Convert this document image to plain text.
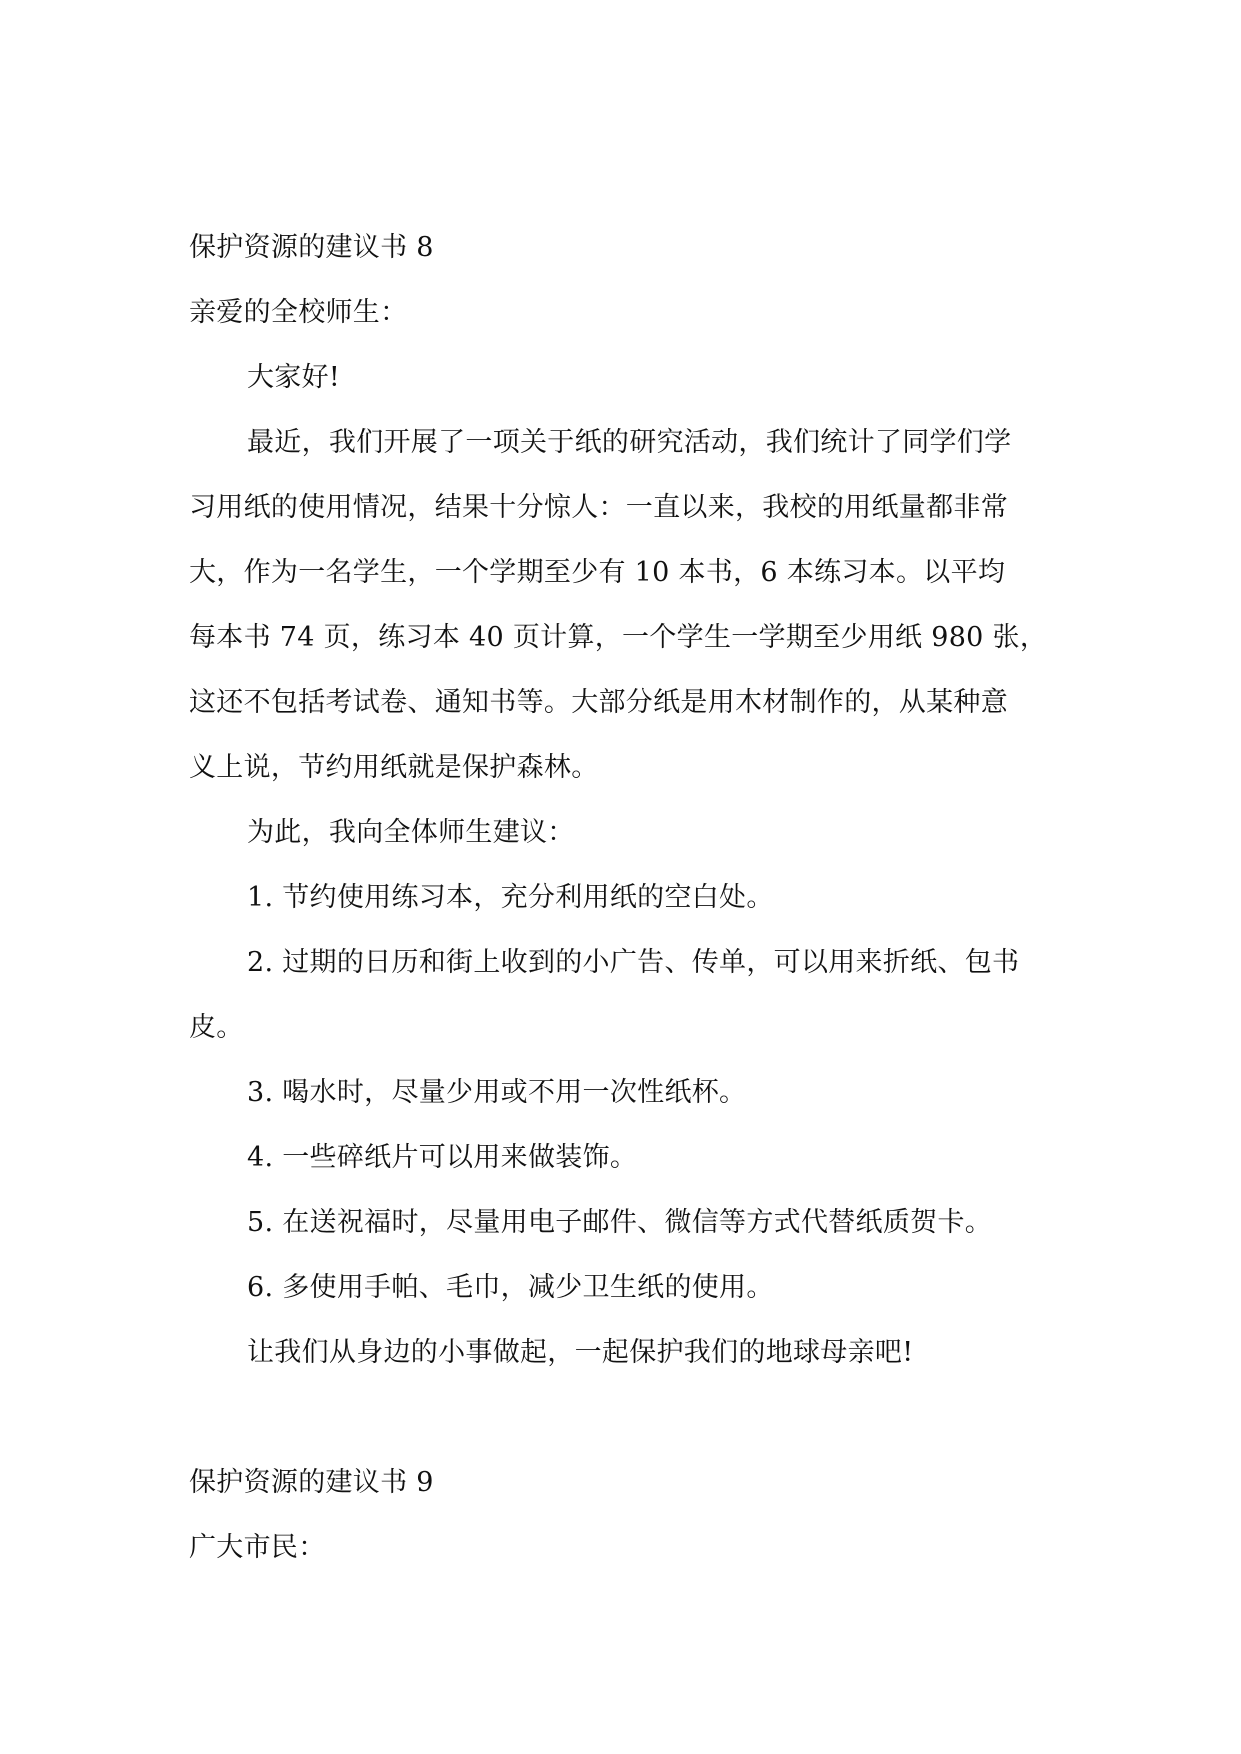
保护资源的建议书 8
亲爱的全校师生：
大家好!
最近，我们开展了一项关于纸的研究活动，我们统计了同学们学
习用纸的使用情况，结果十分惊人：一直以来，我校的用纸量都非常
大，作为一名学生，一个学期至少有 10 本书，6 本练习本。以平均
每本书 74 页，练习本 40 页计算，一个学生一学期至少用纸 980 张，
这还不包括考试卷、通知书等。大部分纸是用木材制作的，从某种意
义上说，节约用纸就是保护森林。
为此，我向全体师生建议：
1. 节约使用练习本，充分利用纸的空白处。
2. 过期的日历和街上收到的小广告、传单，可以用来折纸、包书
皮。
3. 喝水时，尽量少用或不用一次性纸杯。
4. 一些碎纸片可以用来做装饰。
5. 在送祝福时，尽量用电子邮件、微信等方式代替纸质贺卡。
6. 多使用手帕、毛巾，减少卫生纸的使用。
让我们从身边的小事做起，一起保护我们的地球母亲吧!
保护资源的建议书 9
广大市民：
